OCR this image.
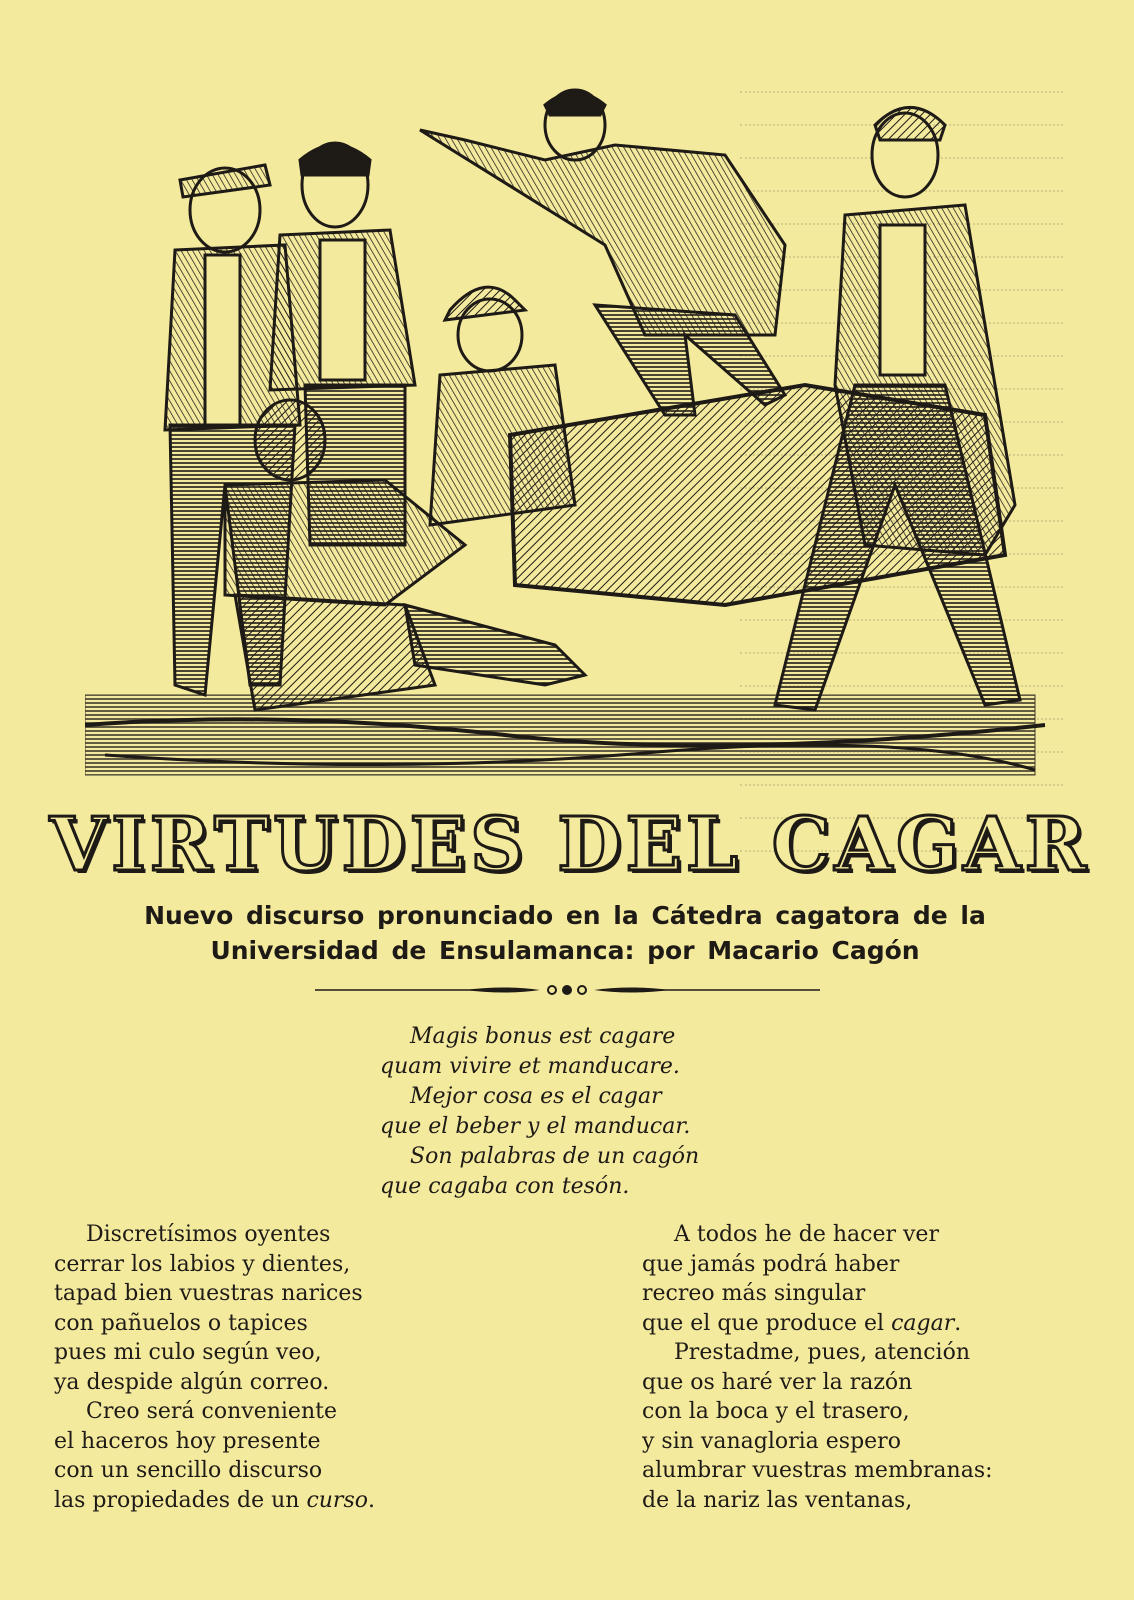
VIRTUDES DEL CAGAR
Nuevo discurso pronunciado en la Cátedra cagatora de la
Universidad de Ensulamanca: por Macario Cagón
Magis bonus est cagare
quam vivire et manducare.
Mejor cosa es el cagar
que el beber y el manducar.
Son palabras de un cagón
que cagaba con tesón.
Discretísimos oyentes
cerrar los labios y dientes,
tapad bien vuestras narices
con pañuelos o tapices
pues mi culo según veo,
ya despide algún correo.
Creo será conveniente
el haceros hoy presente
con un sencillo discurso
las propiedades de un curso.
A todos he de hacer ver
que jamás podrá haber
recreo más singular
que el que produce el cagar.
Prestadme, pues, atención
que os haré ver la razón
con la boca y el trasero,
y sin vanagloria espero
alumbrar vuestras membranas:
de la nariz las ventanas,
